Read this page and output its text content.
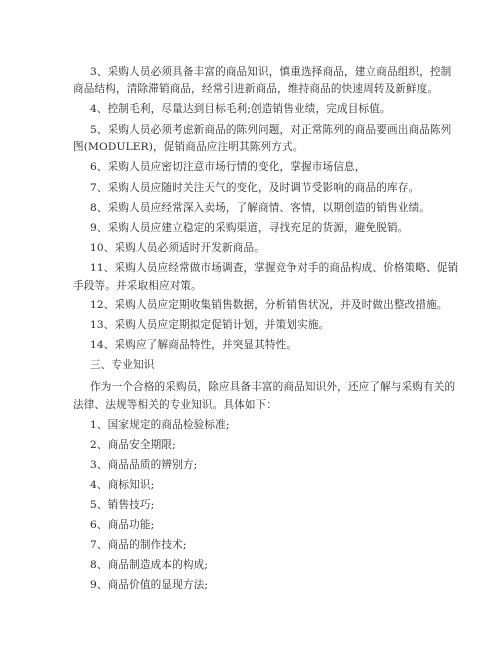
3、采购人员必须具备丰富的商品知识，慎重选择商品，建立商品组织，控制
商品结构，清除滞销商品，经常引进新商品，维持商品的快速周转及新鲜度。
4、控制毛利，尽量达到目标毛利;创造销售业绩，完成目标值。
5、采购人员必须考虑新商品的陈列问题，对正常陈列的商品要画出商品陈列
图(MODULER)，促销商品应注明其陈列方式。
6、采购人员应密切注意市场行情的变化，掌握市场信息，
7、采购人员应随时关注天气的变化，及时调节受影响的商品的库存。
8、采购人员应经常深入卖场，了解商情、客情，以期创造的销售业绩。
9、采购人员应建立稳定的采购渠道，寻找充足的货源，避免脱销。
10、采购人员必须适时开发新商品。
11、采购人员应经常做市场调查，掌握竞争对手的商品构成、价格策略、促销
手段等。并采取相应对策。
12、采购人员应定期收集销售数据，分析销售状况，并及时做出整改措施。
13、采购人员应定期拟定促销计划，并策划实施。
14、采购应了解商品特性，并突显其特性。
三、专业知识
作为一个合格的采购员，除应具备丰富的商品知识外，还应了解与采购有关的
法律、法规等相关的专业知识。具体如下：
1、国家规定的商品检验标准;
2、商品安全期限;
3、商品品质的辨别方;
4、商标知识;
5、销售技巧;
6、商品功能;
7、商品的制作技术;
8、商品制造成本的构成;
9、商品价值的显现方法;
